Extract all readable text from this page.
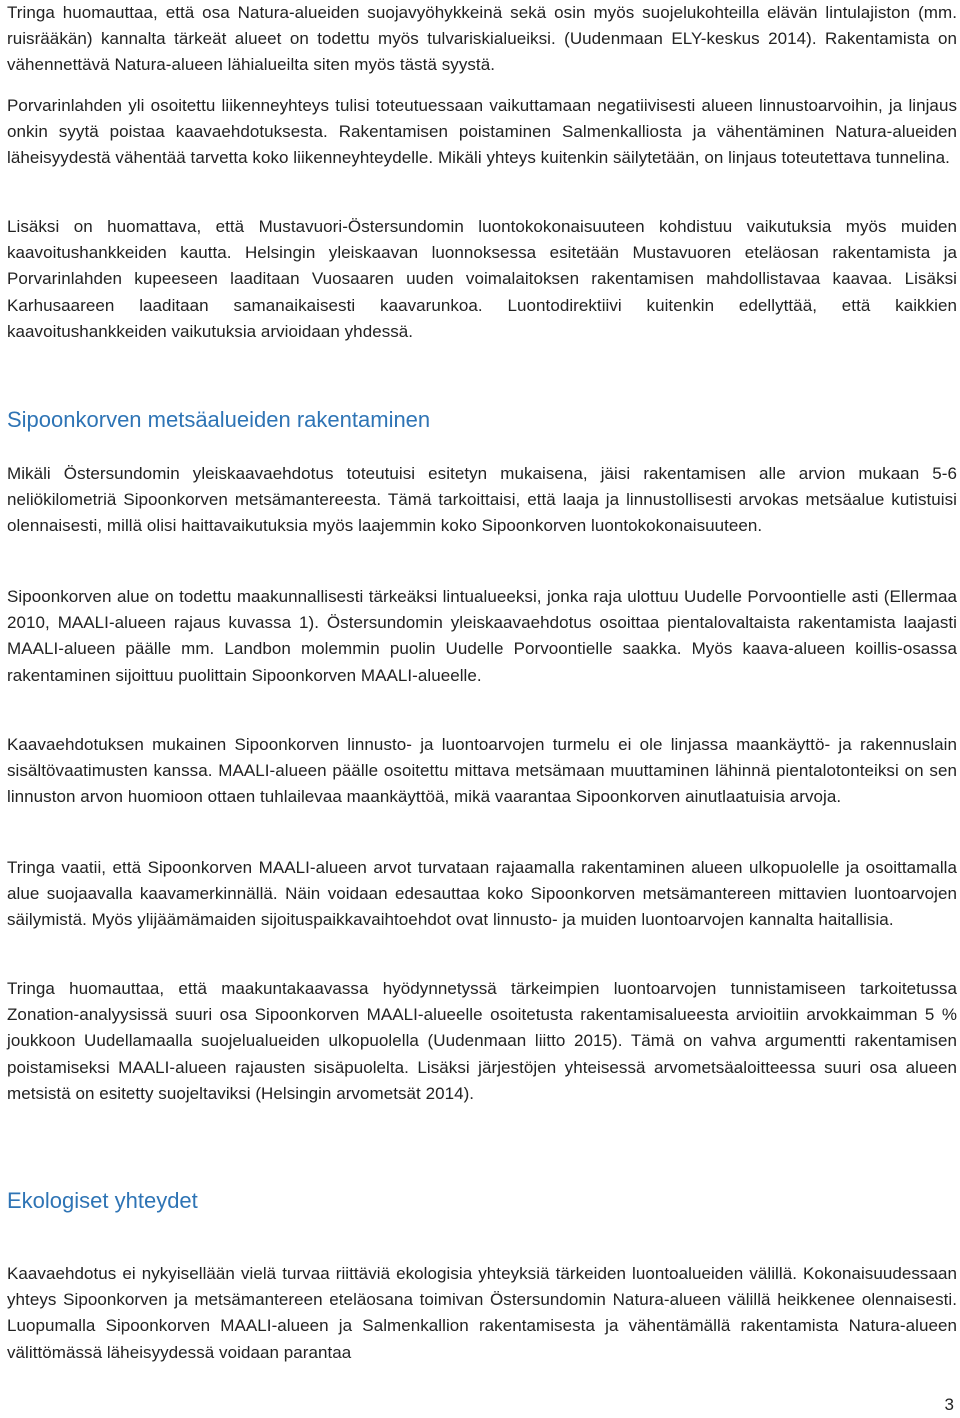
Tringa huomauttaa, että osa Natura-alueiden suojavyöhykkeinä sekä osin myös suojelukohteilla elävän lintulajiston (mm. ruisrääkän) kannalta tärkeät alueet on todettu myös tulvariskialueiksi. (Uudenmaan ELY-keskus 2014). Rakentamista on vähennettävä Natura-alueen lähialueilta siten myös tästä syystä.

Porvarinlahden yli osoitettu liikenneyhteys tulisi toteutuessaan vaikuttamaan negatiivisesti alueen linnustoarvoihin, ja linjaus onkin syytä poistaa kaavaehdotuksesta. Rakentamisen poistaminen Salmenkalliosta ja vähentäminen Natura-alueiden läheisyydestä vähentää tarvetta koko liikenneyhteydelle. Mikäli yhteys kuitenkin säilytetään, on linjaus toteutettava tunnelina.

Lisäksi on huomattava, että Mustavuori-Östersundomin luontokokonaisuuteen kohdistuu vaikutuksia myös muiden kaavoitushankkeiden kautta. Helsingin yleiskaavan luonnoksessa esitetään Mustavuoren eteläosan rakentamista ja Porvarinlahden kupeeseen laaditaan Vuosaaren uuden voimalaitoksen rakentamisen mahdollistavaa kaavaa. Lisäksi Karhusaareen laaditaan samanaikaisesti kaavarunkoa. Luontodirektiivi kuitenkin edellyttää, että kaikkien kaavoitushankkeiden vaikutuksia arvioidaan yhdessä.

Sipoonkorven metsäalueiden rakentaminen

Mikäli Östersundomin yleiskaavaehdotus toteutuisi esitetyn mukaisena, jäisi rakentamisen alle arvion mukaan 5-6 neliökilometriä Sipoonkorven metsämantereesta. Tämä tarkoittaisi, että laaja ja linnustollisesti arvokas metsäalue kutistuisi olennaisesti, millä olisi haittavaikutuksia myös laajemmin koko Sipoonkorven luontokokonaisuuteen.

Sipoonkorven alue on todettu maakunnallisesti tärkeäksi lintualueeksi, jonka raja ulottuu Uudelle Porvoontielle asti (Ellermaa 2010, MAALI-alueen rajaus kuvassa 1). Östersundomin yleiskaavaehdotus osoittaa pientalovaltaista rakentamista laajasti MAALI-alueen päälle mm. Landbon molemmin puolin Uudelle Porvoontielle saakka. Myös kaava-alueen koillis-osassa rakentaminen sijoittuu puolittain Sipoonkorven MAALI-alueelle.

Kaavaehdotuksen mukainen Sipoonkorven linnusto- ja luontoarvojen turmelu ei ole linjassa maankäyttö- ja rakennuslain sisältövaatimusten kanssa. MAALI-alueen päälle osoitettu mittava metsämaan muuttaminen lähinnä pientalotonteiksi on sen linnuston arvon huomioon ottaen tuhlailevaa maankäyttöä, mikä vaarantaa Sipoonkorven ainutlaatuisia arvoja.

Tringa vaatii, että Sipoonkorven MAALI-alueen arvot turvataan rajaamalla rakentaminen alueen ulkopuolelle ja osoittamalla alue suojaavalla kaavamerkinnällä. Näin voidaan edesauttaa koko Sipoonkorven metsämantereen mittavien luontoarvojen säilymistä. Myös ylijäämämaiden sijoituspaikkavaihtoehdot ovat linnusto- ja muiden luontoarvojen kannalta haitallisia.

Tringa huomauttaa, että maakuntakaavassa hyödynnetyssä tärkeimpien luontoarvojen tunnistamiseen tarkoitetussa Zonation-analyysissä suuri osa Sipoonkorven MAALI-alueelle osoitetusta rakentamisalueesta arvioitiin arvokkaimman 5 % joukkoon Uudellamaalla suojelualueiden ulkopuolella (Uudenmaan liitto 2015). Tämä on vahva argumentti rakentamisen poistamiseksi MAALI-alueen rajausten sisäpuolelta. Lisäksi järjestöjen yhteisessä arvometsäaloitteessa suuri osa alueen metsistä on esitetty suojeltaviksi (Helsingin arvometsät 2014).

Ekologiset yhteydet

Kaavaehdotus ei nykyisellään vielä turvaa riittäviä ekologisia yhteyksiä tärkeiden luontoalueiden välillä. Kokonaisuudessaan yhteys Sipoonkorven ja metsämantereen eteläosana toimivan Östersundomin Natura-alueen välillä heikkenee olennaisesti. Luopumalla Sipoonkorven MAALI-alueen ja Salmenkallion rakentamisesta ja vähentämällä rakentamista Natura-alueen välittömässä läheisyydessä voidaan parantaa

3
